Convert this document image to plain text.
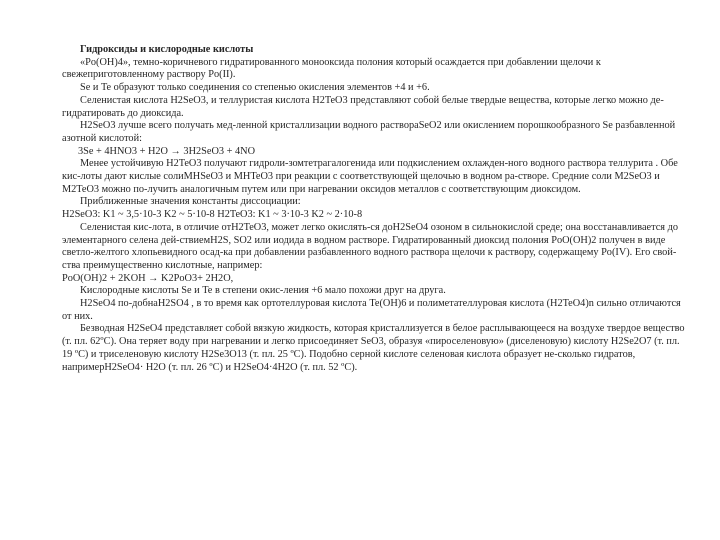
Гидроксиды и кислородные кислоты

«Po(OH)4», темно-коричневого гидратированного монооксида полония который осаждается при добавлении щелочи к свежеприготовленному раствору Po(II).

Se и Te образуют только соединения со степенью окисления элементов +4 и +6.

Селенистая кислота H2SeO3, и теллуристая кислота H2TeO3 представляют собой белые твердые вещества, которые легко можно де-гидратировать до диоксида.

H2SeO3 лучше всего получать мед-ленной кристаллизации водного раствораSeO2 или окислением порошкообразного Se разбавленной азотной кислотой:

3Se + 4HNO3 + H2O → 3H2SeO3 + 4NO

Менее устойчивую H2TeO3 получают гидроли-зомтетрагалогенида или подкислением охлажден-ного водного раствора теллурита . Обе кис-лоты дают кислые солиMHSeO3 и MHTeO3 при реакции с соответствующей щелочью в водном ра-створе. Средние соли M2SeO3 и M2TeO3 можно по-лучить аналогичным путем или при нагревании оксидов металлов с соответствующим диоксидом.

Приближенные значения константы диссоциации:

H2SeO3: K1 ~ 3,5·10-3 K2 ~ 5·10-8 H2TeO3: K1 ~ 3·10-3 K2 ~ 2·10-8

Селенистая кис-лота, в отличие отH2TeO3, может легко окислять-ся доH2SeO4 озоном в сильнокислой среде; она восстанавливается до элементарного селена дей-ствиемH2S, SO2 или иодида в водном растворе. Гидратированный диоксид полония PoO(OH)2 получен в виде светло-желтого хлопьевидного осад-ка при добавлении разбавленного водного раствора щелочи к раствору, содержащему Po(IV). Его свой-ства преимущественно кислотные, например:

PoO(OH)2 + 2KOH → K2PoO3+ 2H2O,

Кислородные кислоты Se и Te в степени окис-ления +6 мало похожи друг на друга.

H2SeO4 по-добнаH2SO4 , в то время как ортотеллуровая кислота Te(OH)6 и полиметателлуровая кислота (H2TeO4)n сильно отличаются от них.

Безводная H2SeO4 представляет собой вязкую жидкость, которая кристаллизуется в белое расплывающееся на воздухе твердое вещество (т. пл. 62ºС). Она теряет воду при нагревании и легко присоединяет SeO3, образуя «пироселеновую» (диселеновую) кислоту H2Se2O7 (т. пл. 19 ºС) и триселеновую кислоту H2Se3O13 (т. пл. 25 ºС). Подобно серной кислоте селеновая кислота образует не-сколько гидратов, напримерH2SeO4· H2O (т. пл. 26 ºС) и H2SeO4·4H2O (т. пл. 52 ºС).
